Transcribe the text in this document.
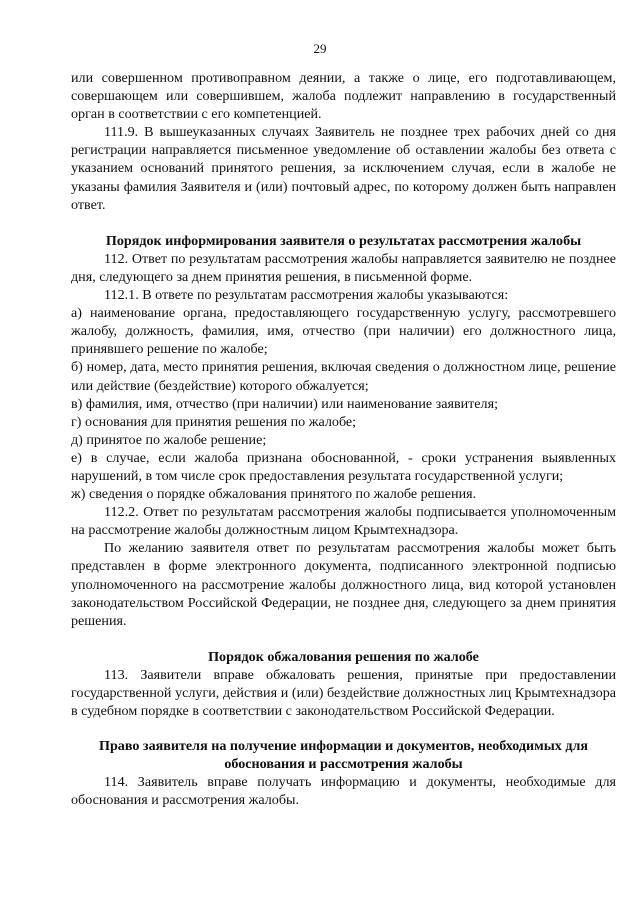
29

или совершенном противоправном деянии, а также о лице, его подготавливающем, совершающем или совершившем, жалоба подлежит направлению в государственный орган в соответствии с его компетенцией.

111.9. В вышеуказанных случаях Заявитель не позднее трех рабочих дней со дня регистрации направляется письменное уведомление об оставлении жалобы без ответа с указанием оснований принятого решения, за исключением случая, если в жалобе не указаны фамилия Заявителя и (или) почтовый адрес, по которому должен быть направлен ответ.

Порядок информирования заявителя о результатах рассмотрения жалобы

112. Ответ по результатам рассмотрения жалобы направляется заявителю не позднее дня, следующего за днем принятия решения, в письменной форме.

112.1. В ответе по результатам рассмотрения жалобы указываются:

а) наименование органа, предоставляющего государственную услугу, рассмотревшего жалобу, должность, фамилия, имя, отчество (при наличии) его должностного лица, принявшего решение по жалобе;

б) номер, дата, место принятия решения, включая сведения о должностном лице, решение или действие (бездействие) которого обжалуется;

в) фамилия, имя, отчество (при наличии) или наименование заявителя;

г) основания для принятия решения по жалобе;

д) принятое по жалобе решение;

е) в случае, если жалоба признана обоснованной, - сроки устранения выявленных нарушений, в том числе срок предоставления результата государственной услуги;

ж) сведения о порядке обжалования принятого по жалобе решения.

112.2. Ответ по результатам рассмотрения жалобы подписывается уполномоченным на рассмотрение жалобы должностным лицом Крымтехнадзора.

По желанию заявителя ответ по результатам рассмотрения жалобы может быть представлен в форме электронного документа, подписанного электронной подписью уполномоченного на рассмотрение жалобы должностного лица, вид которой установлен законодательством Российской Федерации, не позднее дня, следующего за днем принятия решения.

Порядок обжалования решения по жалобе

113. Заявители вправе обжаловать решения, принятые при предоставлении государственной услуги, действия и (или) бездействие должностных лиц Крымтехнадзора в судебном порядке в соответствии с законодательством Российской Федерации.

Право заявителя на получение информации и документов, необходимых для обоснования и рассмотрения жалобы

114. Заявитель вправе получать информацию и документы, необходимые для обоснования и рассмотрения жалобы.
